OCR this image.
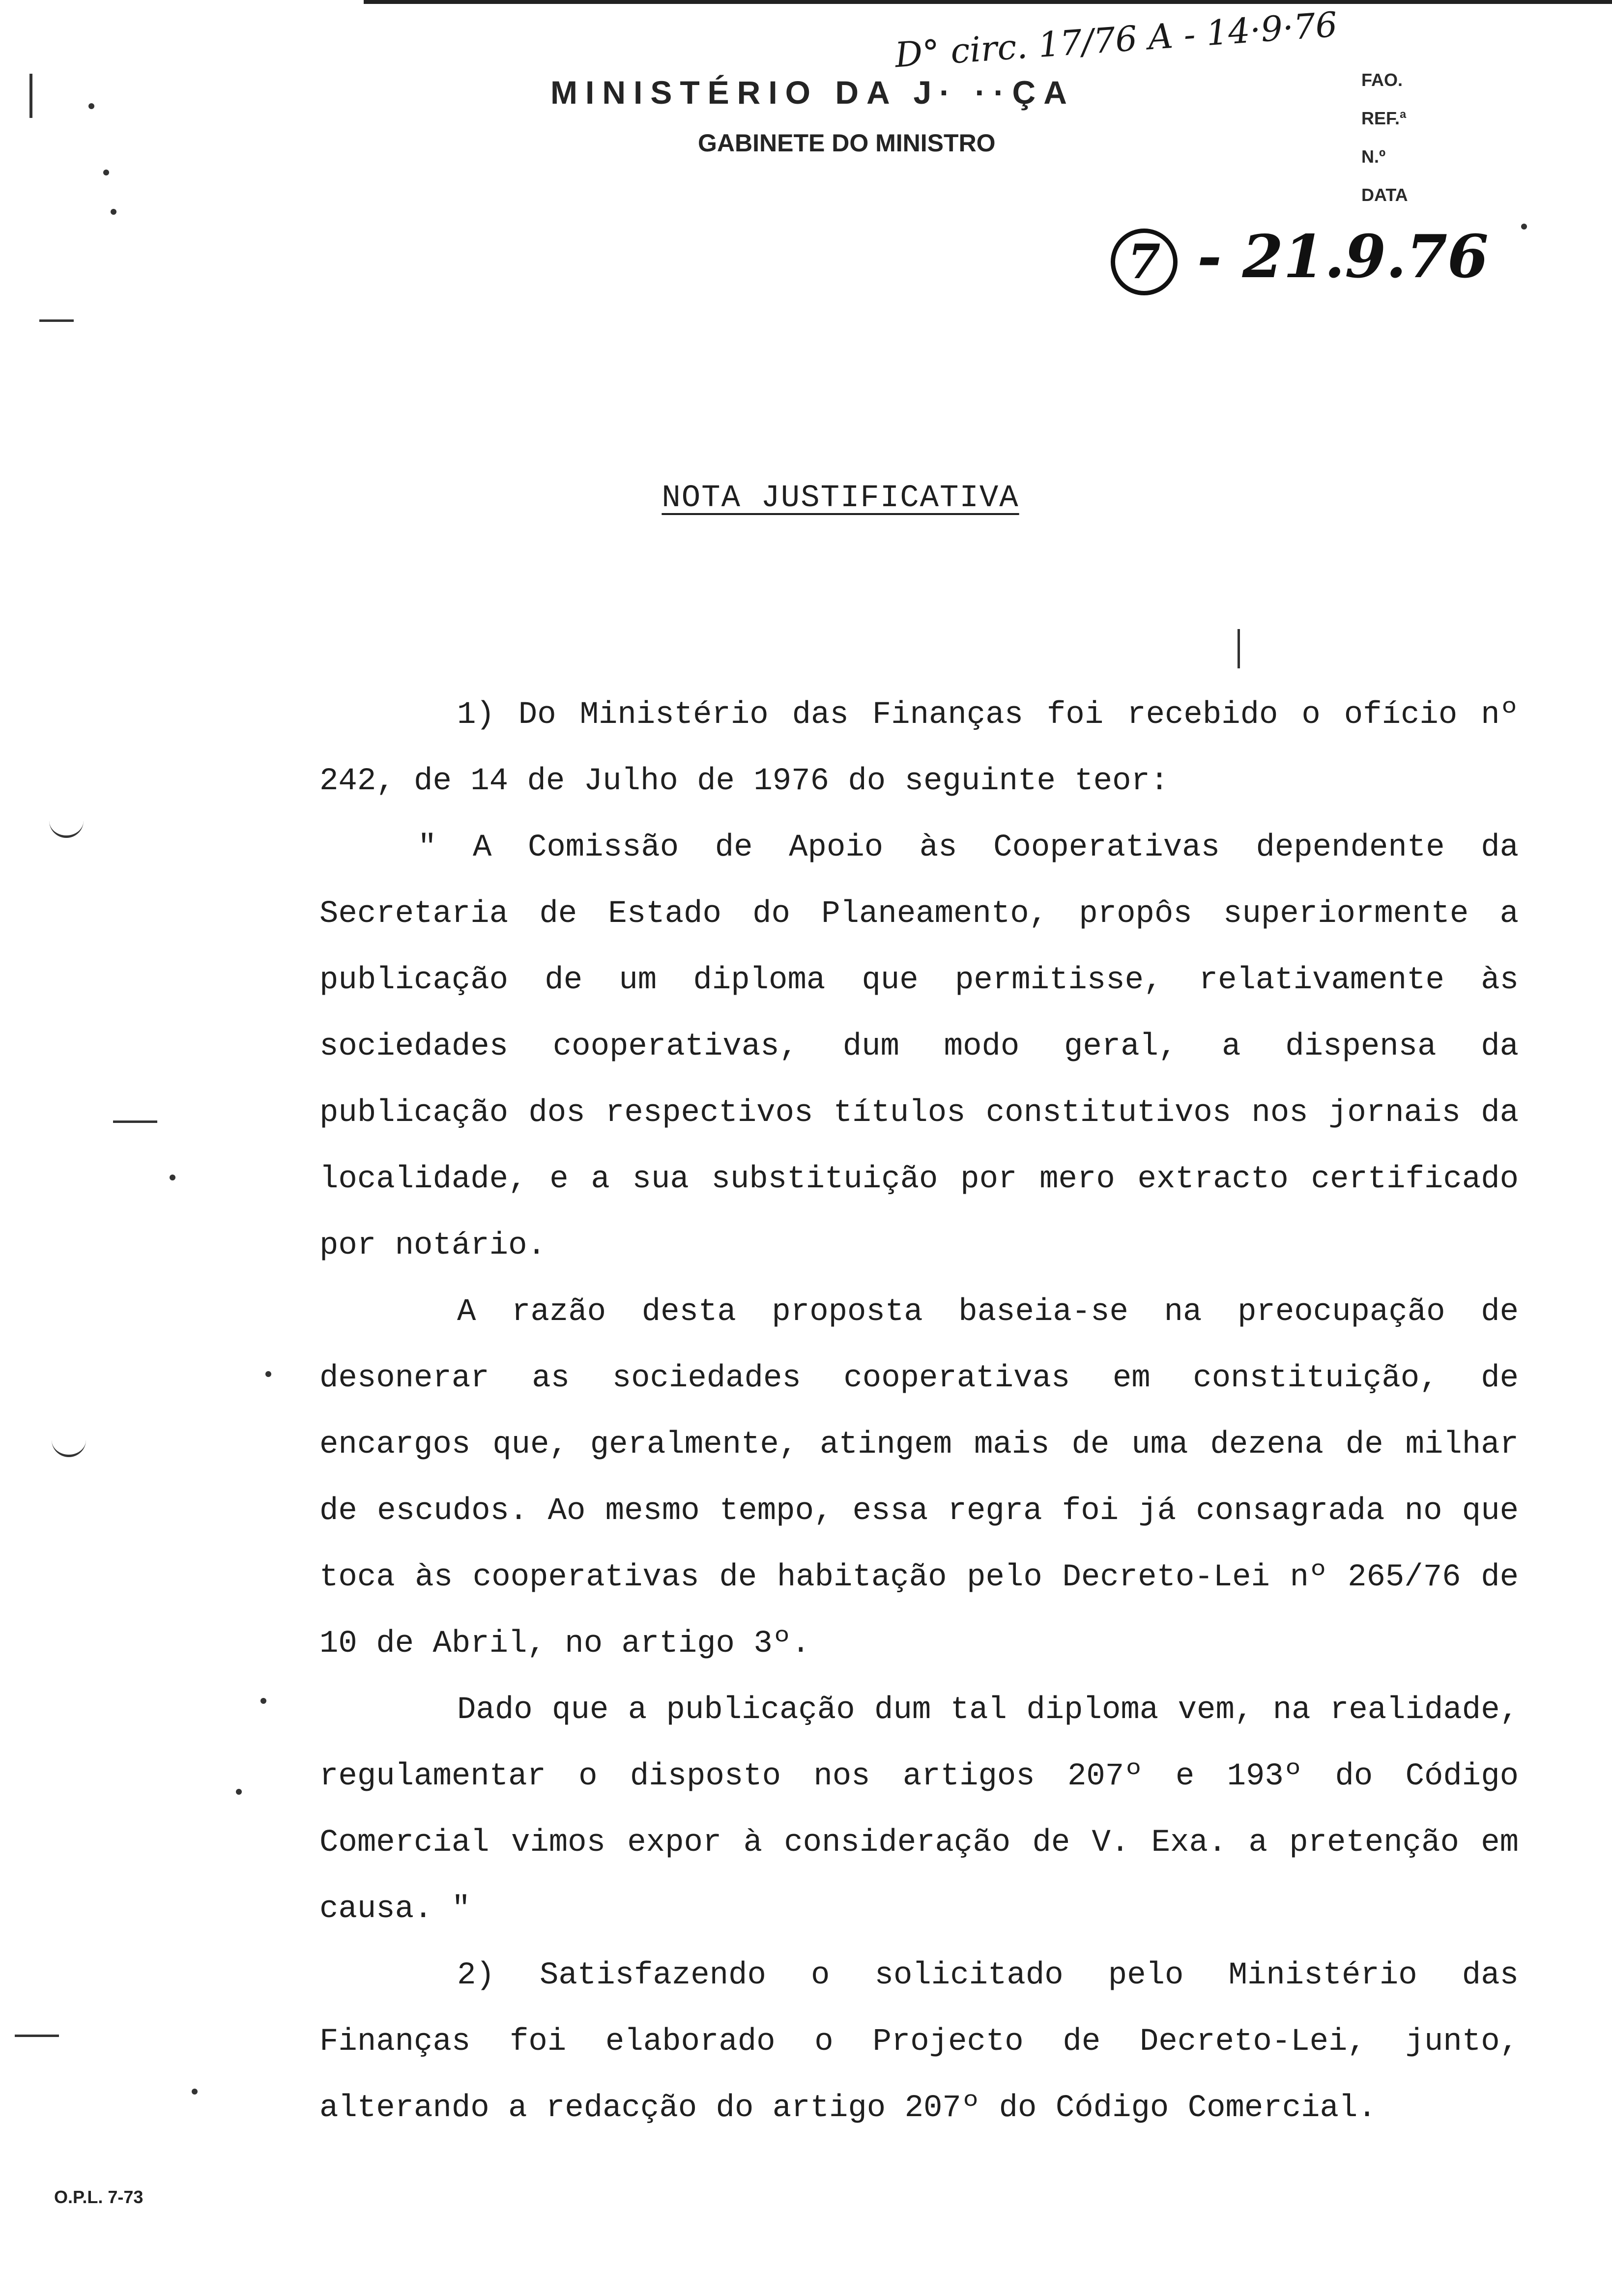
D° circ. 17/76 A - 14·9·76
MINISTÉRIO DA J· ··ÇA
GABINETE DO MINISTRO
FAO.
REF.ª
N.º
DATA
7 - 21.9.76
NOTA JUSTIFICATIVA

1) Do Ministério das Finanças foi recebido o ofício nº 242, de 14 de Julho de 1976 do seguinte teor:

" A Comissão de Apoio às Cooperativas dependente da Secretaria de Estado do Planeamento, propôs superiormente a publicação de um diploma que permitisse, relativamente às sociedades cooperativas, dum modo geral, a dispensa da publicação dos respectivos títulos constitutivos nos jornais da localidade, e a sua substituição por mero extracto certificado por notário.

A razão desta proposta baseia-se na preocupação de desonerar as sociedades cooperativas em constituição, de encargos que, geralmente, atingem mais de uma dezena de milhar de escudos. Ao mesmo tempo, essa regra foi já consagrada no que toca às cooperativas de habitação pelo Decreto-Lei nº 265/76 de 10 de Abril, no artigo 3º.

Dado que a publicação dum tal diploma vem, na realidade, regulamentar o disposto nos artigos 207º e 193º do Código Comercial vimos expor à consideração de V. Exa. a pretenção em causa. "

2) Satisfazendo o solicitado pelo Ministério das Finanças foi elaborado o Projecto de Decreto-Lei, junto, alterando a redacção do artigo 207º do Código Comercial.

O.P.L. 7-73
